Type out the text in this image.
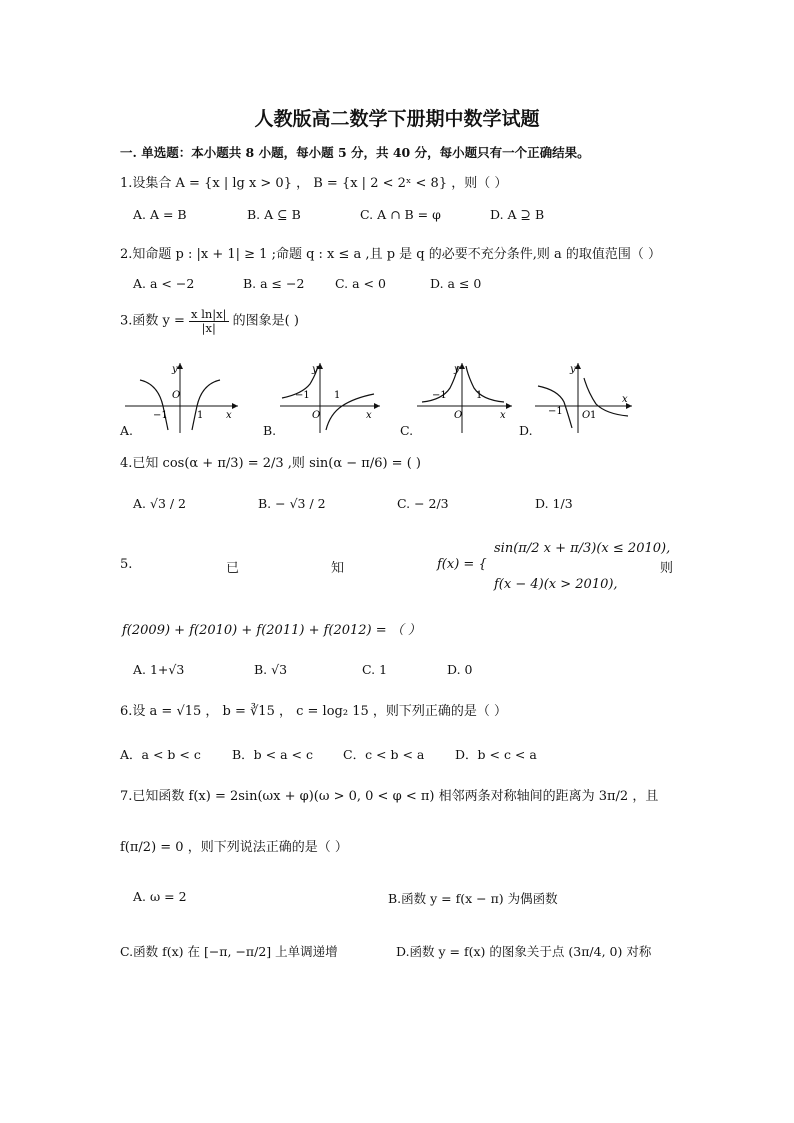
人教版高二数学下册期中数学试题
一. 单选题：本小题共 8 小题，每小题 5 分，共 40 分，每小题只有一个正确结果。
1.设集合 A = {x | lg x > 0} ， B = {x | 2 < 2ˣ < 8} ，则（ ）
A. A = B	B. A ⊆ B	C. A ∩ B = φ	D. A ⊇ B
2.知命题 p : |x + 1| ≥ 1 ;命题 q : x ≤ a ,且 p 是 q 的必要不充分条件,则 a 的取值范围（ ）
A. a < −2	B. a ≤ −2 C. a < 0	D. a ≤ 0
3.函数 $y = \frac{\text{x ln|x|}}{|x|}$ 的图象是( )
y
O
−1	1 x
A.
y
O
−1 1
x
B.
y
O
−1	1
x
C.
y
O
−1	1
x
D.
4.已知 cos(α + π/3) = 2/3 ,则 sin(α − π/6) = ( )
A. √3 / 2	B. − √3 / 2	C. − 2/3	D. 1/3
5.	已	知	f(x) = {
sin(π/2 x + π/3)(x ≤ 2010),
f(x − 4)(x > 2010),
则
f(2009) + f(2010) + f(2011) + f(2012) = （ ）
A. 1+√3	B. √3	C. 1	D. 0
6.设 a = √15 ， b = ∛15 ， c = log₂ 15 ，则下列正确的是（ ）
A．a < b < c B．b < a < c C．c < b < a D．b < c < a
7.已知函数 f(x) = 2sin(ωx + φ)(ω > 0, 0 < φ < π) 相邻两条对称轴间的距离为 3π/2 ，且
f(π/2) = 0 ，则下列说法正确的是（ ）
A. ω = 2	B.函数 y = f(x − π) 为偶函数
C.函数 f(x) 在 [−π, −π/2] 上单调递增	D.函数 y = f(x) 的图象关于点 (3π/4, 0) 对称
